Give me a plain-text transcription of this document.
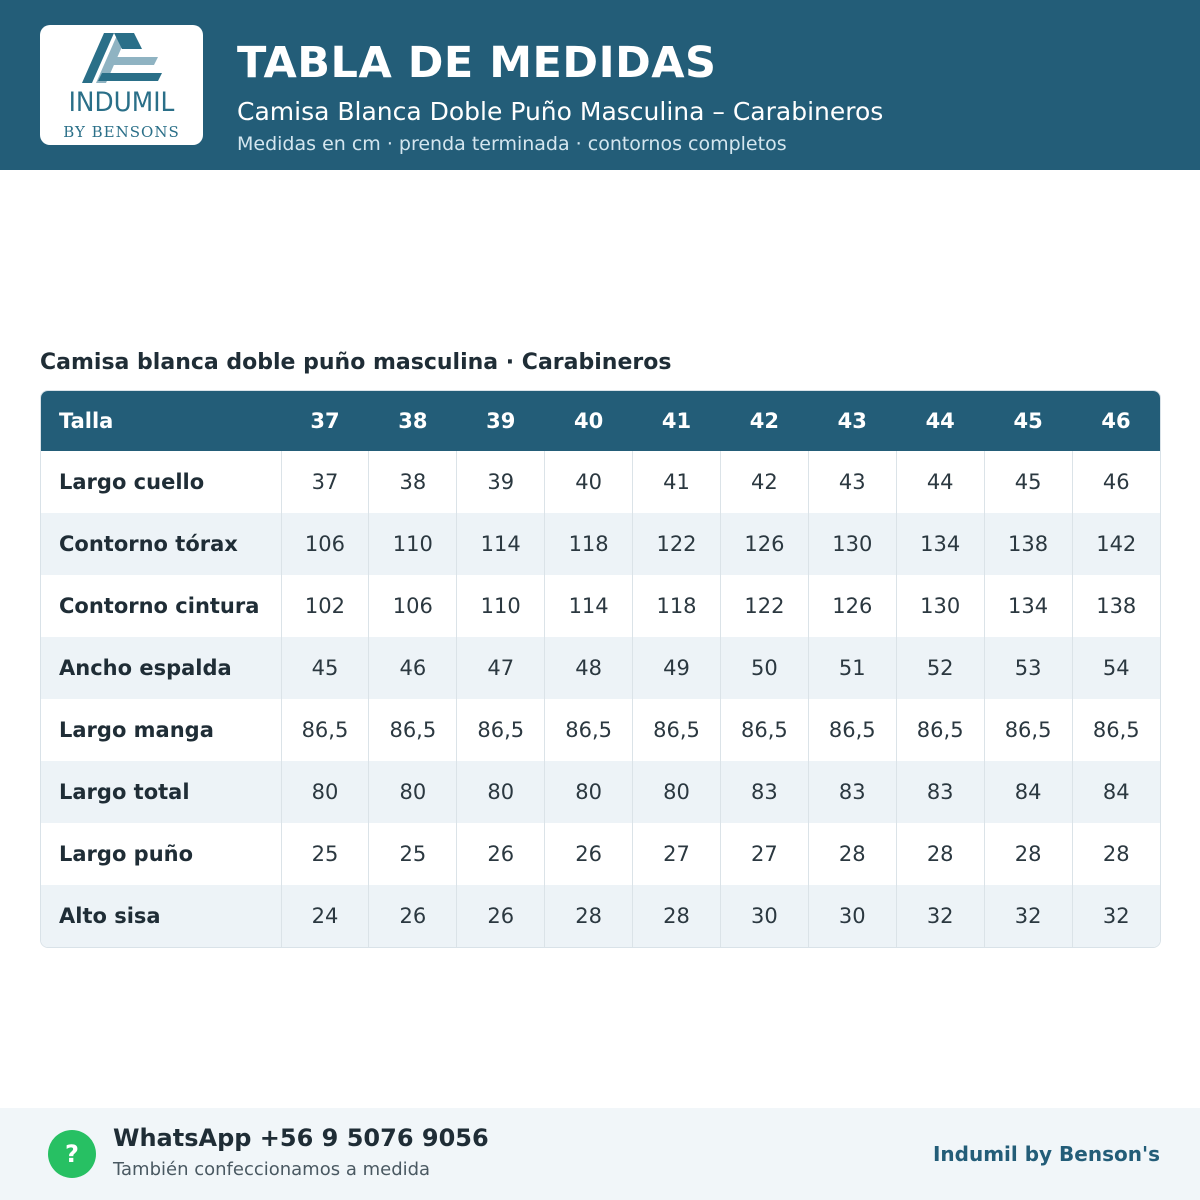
INDUMIL
BY BENSONS
TABLA DE MEDIDAS
Camisa Blanca Doble Puño Masculina – Carabineros
Medidas en cm · prenda terminada · contornos completos
Camisa blanca doble puño masculina · Carabineros
Talla	37	38	39	40	41	42	43	44	45	46
Largo cuello	37	38	39	40	41	42	43	44	45	46
Contorno tórax	106	110	114	118	122	126	130	134	138	142
Contorno cintura	102	106	110	114	118	122	126	130	134	138
Ancho espalda	45	46	47	48	49	50	51	52	53	54
Largo manga	86,5	86,5	86,5	86,5	86,5	86,5	86,5	86,5	86,5	86,5
Largo total	80	80	80	80	80	83	83	83	84	84
Largo puño	25	25	26	26	27	27	28	28	28	28
Alto sisa	24	26	26	28	28	30	30	32	32	32
?
WhatsApp +56 9 5076 9056
También confeccionamos a medida
Indumil by Benson's
